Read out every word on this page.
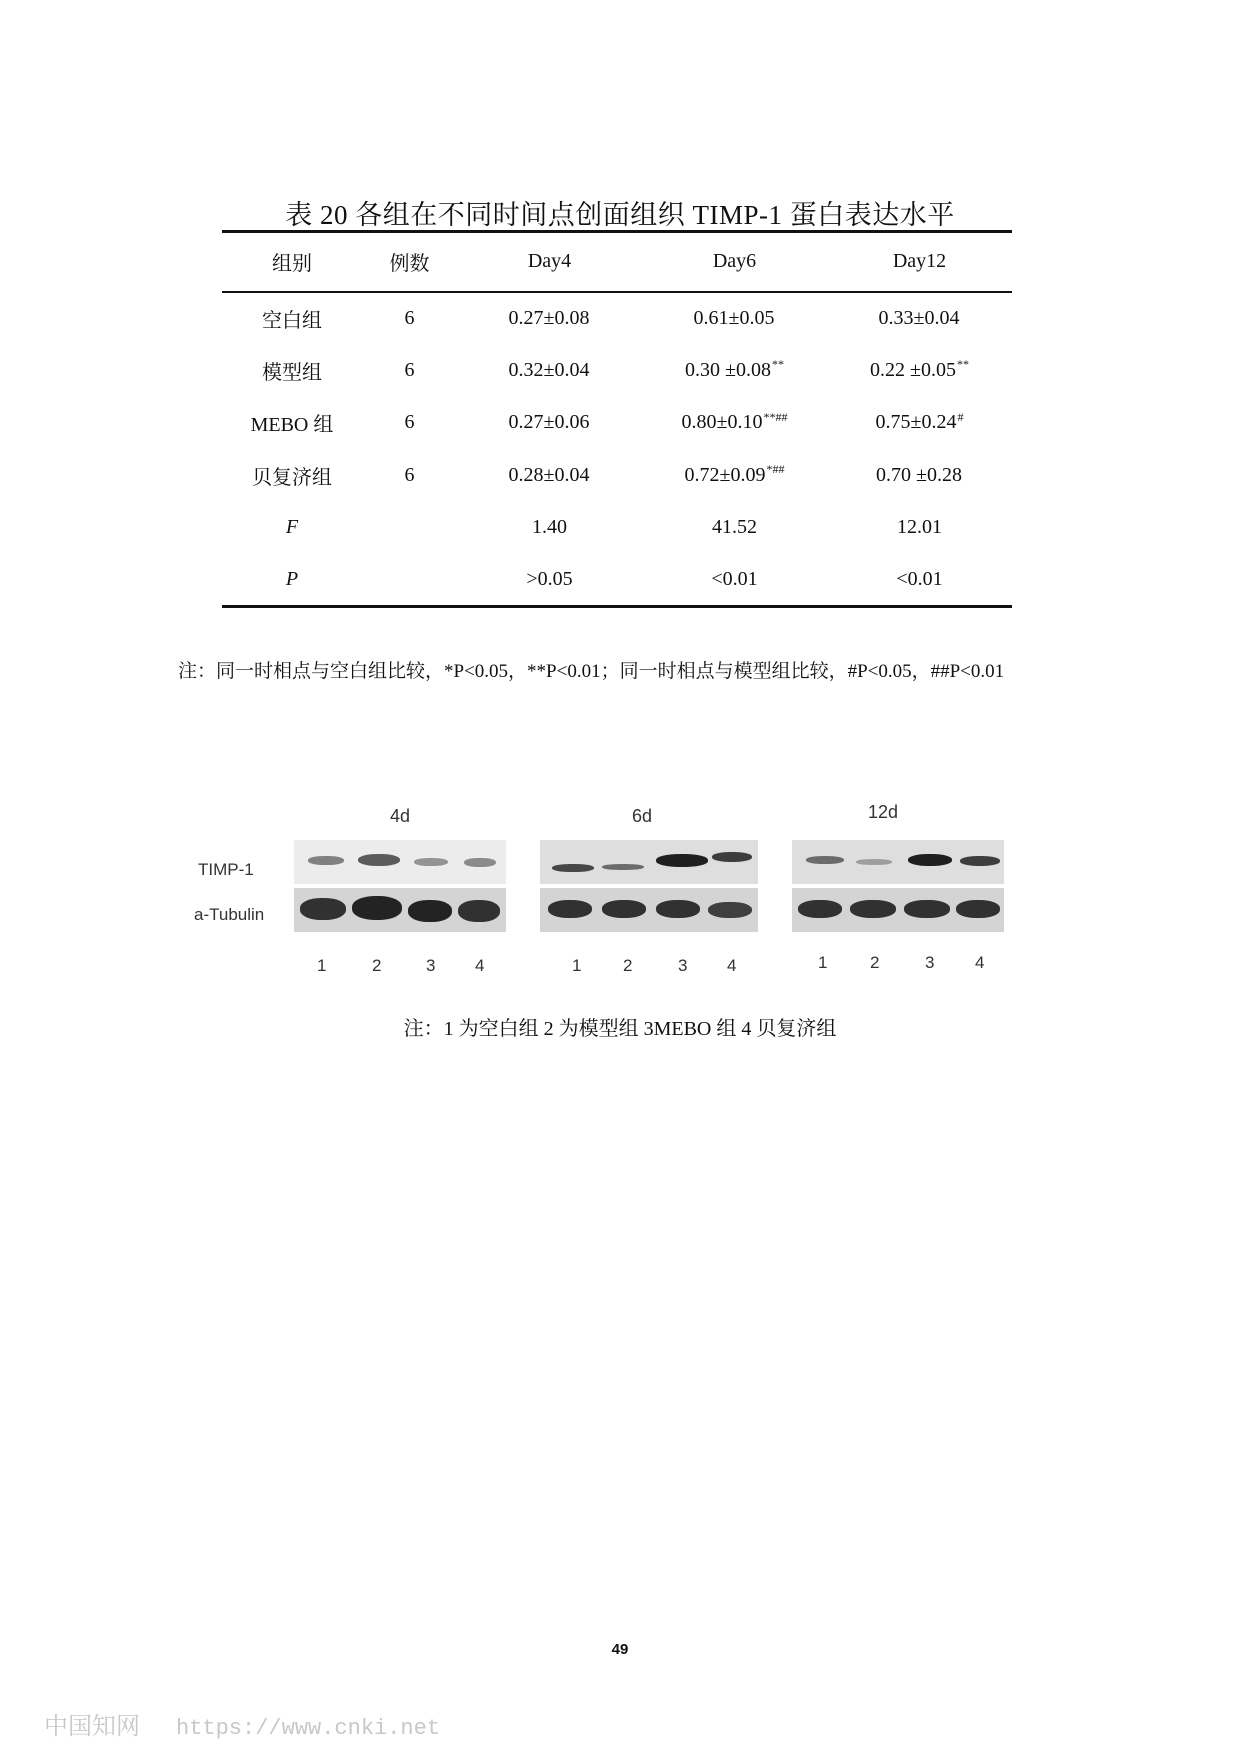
表 20 各组在不同时间点创面组织 TIMP-1 蛋白表达水平
组别	例数	Day4	Day6	Day12
空白组	6	0.27±0.08	0.61±0.05	0.33±0.04
模型组	6	0.32±0.04	0.30 ±0.08**	0.22 ±0.05**
MEBO 组	6	0.27±0.06	0.80±0.10**##	0.75±0.24#
贝复济组	6	0.28±0.04	0.72±0.09*##	0.70 ±0.28
F		1.40	41.52	12.01
P		>0.05	<0.01	<0.01
注：同一时相点与空白组比较，*P<0.05，**P<0.01；同一时相点与模型组比较，#P<0.05，##P<0.01
4d	6d	12d
TIMP-1
a-Tubulin
1	2	3 4	1 2	3 4	1	2	3 4
注：1 为空白组 2 为模型组 3MEBO 组 4 贝复济组
49
中国知网 https://www.cnki.net
